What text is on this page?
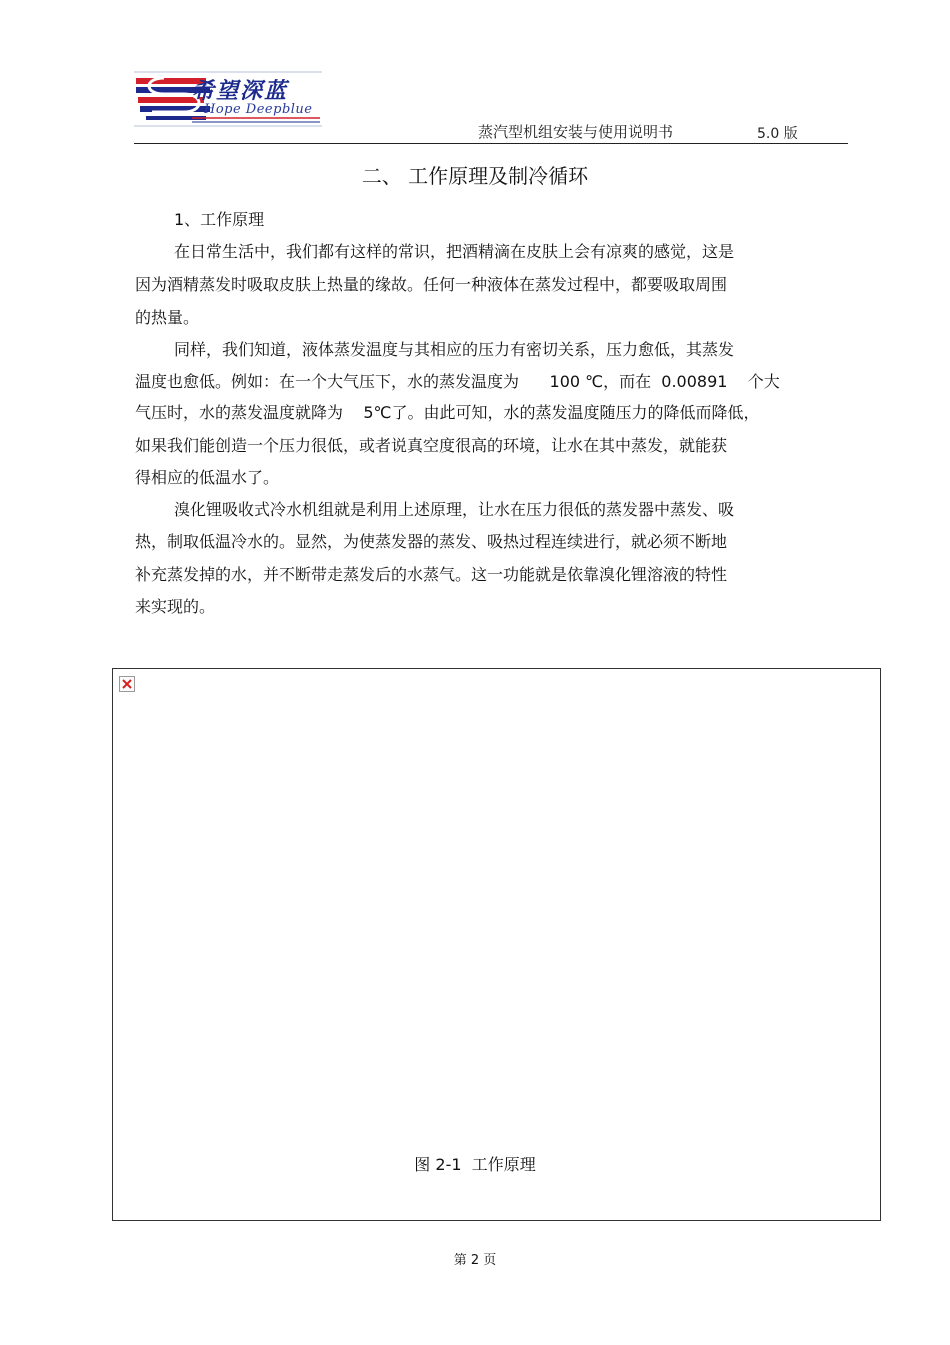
希望深蓝
Hope Deepblue
蒸汽型机组安装与使用说明书	5.0 版
二、 工作原理及制冷循环
1、工作原理
在日常生活中，我们都有这样的常识，把酒精滴在皮肤上会有凉爽的感觉，这是
因为酒精蒸发时吸取皮肤上热量的缘故。任何一种液体在蒸发过程中，都要吸取周围
的热量。
同样，我们知道，液体蒸发温度与其相应的压力有密切关系，压力愈低，其蒸发
温度也愈低。例如：在一个大气压下，水的蒸发温度为      100 ℃，而在  0.00891    个大
气压时，水的蒸发温度就降为    5℃了。由此可知，水的蒸发温度随压力的降低而降低，
如果我们能创造一个压力很低，或者说真空度很高的环境，让水在其中蒸发，就能获
得相应的低温水了。
溴化锂吸收式冷水机组就是利用上述原理，让水在压力很低的蒸发器中蒸发、吸
热，制取低温冷水的。显然，为使蒸发器的蒸发、吸热过程连续进行，就必须不断地
补充蒸发掉的水，并不断带走蒸发后的水蒸气。这一功能就是依靠溴化锂溶液的特性
来实现的。
图 2-1  工作原理
第 2 页
